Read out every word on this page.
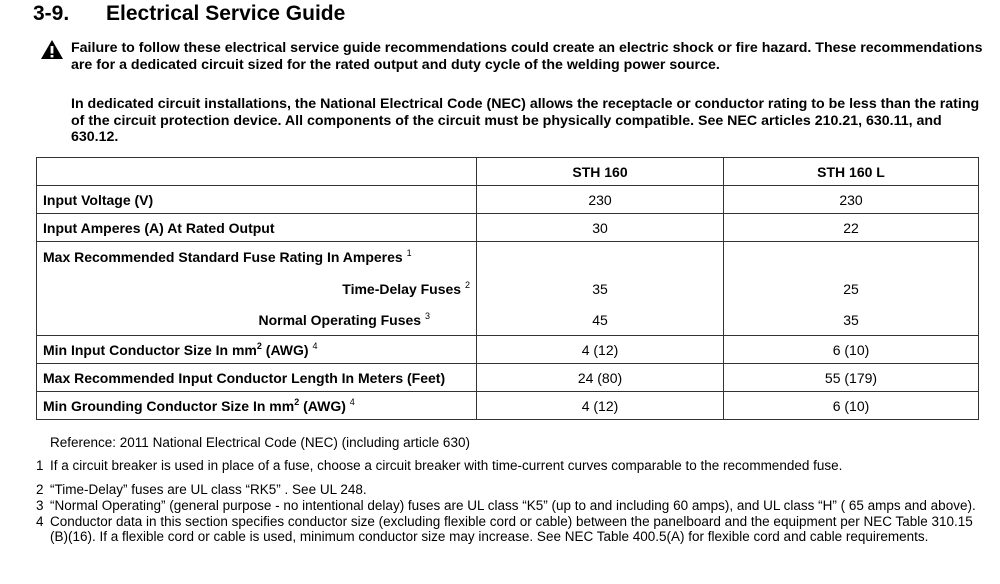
3-9. Electrical Service Guide

Failure to follow these electrical service guide recommendations could create an electric shock or fire hazard. These recommendations are for a dedicated circuit sized for the rated output and duty cycle of the welding power source.

In dedicated circuit installations, the National Electrical Code (NEC) allows the receptacle or conductor rating to be less than the rating of the circuit protection device. All components of the circuit must be physically compatible. See NEC articles 210.21, 630.11, and 630.12.

	STH 160	STH 160 L
Input Voltage (V)	230	230
Input Amperes (A) At Rated Output	30	22
Max Recommended Standard Fuse Rating In Amperes $^1$		
Time-Delay Fuses $^2$	35	25
Normal Operating Fuses $^3$	45	35
Min Input Conductor Size In $mm^2$ (AWG) $^4$	4 (12)	6 (10)
Max Recommended Input Conductor Length In Meters (Feet)	24 (80)	55 (179)
Min Grounding Conductor Size In $mm^2$ (AWG) $^4$	4 (12)	6 (10)

Reference: 2011 National Electrical Code (NEC) (including article 630)

1 If a circuit breaker is used in place of a fuse, choose a circuit breaker with time-current curves comparable to the recommended fuse.
2 “Time-Delay” fuses are UL class “RK5” . See UL 248.
3 “Normal Operating” (general purpose - no intentional delay) fuses are UL class “K5” (up to and including 60 amps), and UL class “H” ( 65 amps and above).
4 Conductor data in this section specifies conductor size (excluding flexible cord or cable) between the panelboard and the equipment per NEC Table 310.15 (B)(16). If a flexible cord or cable is used, minimum conductor size may increase. See NEC Table 400.5(A) for flexible cord and cable requirements.
